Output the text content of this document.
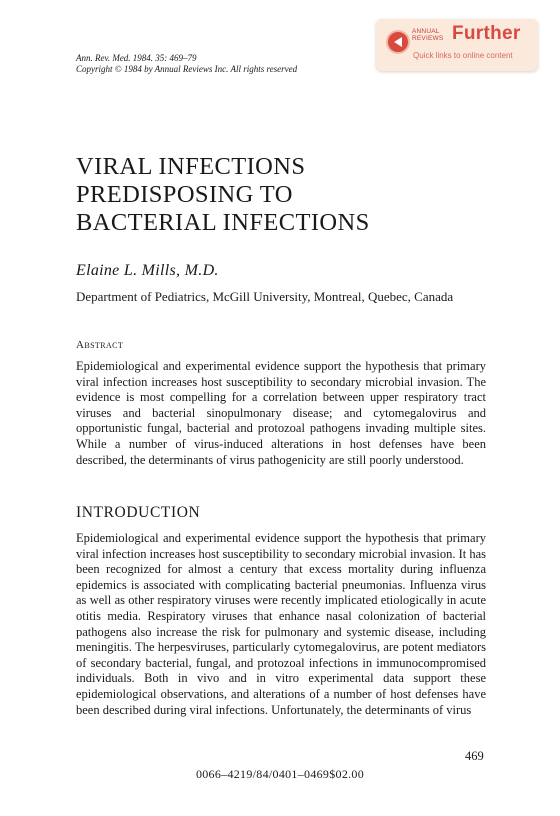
Ann. Rev. Med. 1984. 35: 469–79
Copyright © 1984 by Annual Reviews Inc. All rights reserved
ANNUAL
REVIEWS Further
Quick links to online content
VIRAL INFECTIONS
PREDISPOSING TO
BACTERIAL INFECTIONS
Elaine L. Mills, M.D.
Department of Pediatrics, McGill University, Montreal, Quebec, Canada
Abstract

Epidemiological and experimental evidence support the hypothesis that primary viral infection increases host susceptibility to secondary microbial invasion. The evidence is most compelling for a correlation between upper respiratory tract viruses and bacterial sinopulmonary disease; and cytomegalovirus and opportunistic fungal, bacterial and protozoal pathogens invading multiple sites. While a number of virus-induced alterations in host defenses have been described, the determinants of virus pathogenicity are still poorly understood.

INTRODUCTION

Epidemiological and experimental evidence support the hypothesis that primary viral infection increases host susceptibility to secondary microbial invasion. It has been recognized for almost a century that excess mortality during influenza epidemics is associated with complicating bacterial pneumonias. Influenza virus as well as other respiratory viruses were recently implicated etiologically in acute otitis media. Respiratory viruses that enhance nasal colonization of bacterial pathogens also increase the risk for pulmonary and systemic disease, including meningitis. The herpesviruses, particularly cytomegalovirus, are potent mediators of secondary bacterial, fungal, and protozoal infections in immunocompromised individuals. Both in vivo and in vitro experimental data support these epidemiological observations, and alterations of a number of host defenses have been described during viral infections. Unfortunately, the determinants of virus

469
0066–4219/84/0401–0469$02.00
